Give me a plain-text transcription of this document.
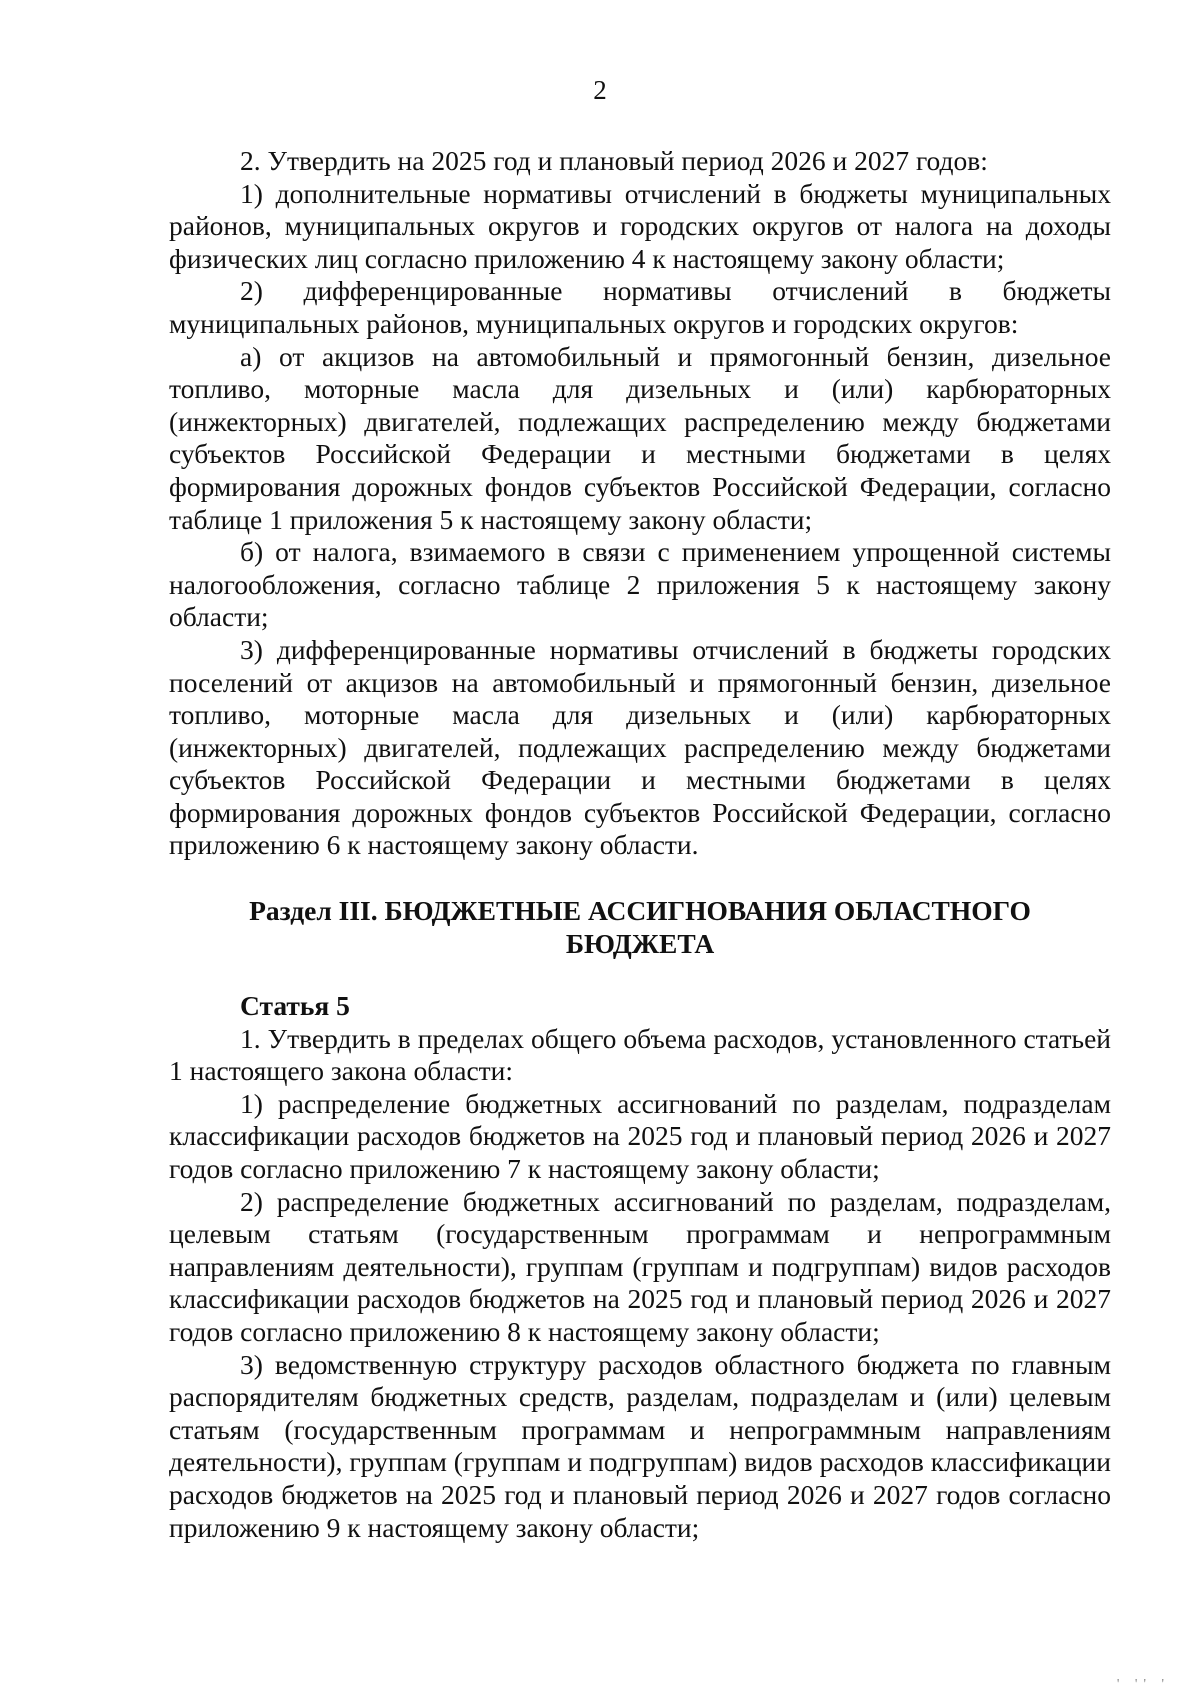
2

2. Утвердить на 2025 год и плановый период 2026 и 2027 годов:

1) дополнительные нормативы отчислений в бюджеты муниципальных районов, муниципальных округов и городских округов от налога на доходы физических лиц согласно приложению 4 к настоящему закону области;

2) дифференцированные нормативы отчислений в бюджеты муниципальных районов, муниципальных округов и городских округов:

а) от акцизов на автомобильный и прямогонный бензин, дизельное топливо, моторные масла для дизельных и (или) карбюраторных (инжекторных) двигателей, подлежащих распределению между бюджетами субъектов Российской Федерации и местными бюджетами в целях формирования дорожных фондов субъектов Российской Федерации, согласно таблице 1 приложения 5 к настоящему закону области;

б) от налога, взимаемого в связи с применением упрощенной системы налогообложения, согласно таблице 2 приложения 5 к настоящему закону области;

3) дифференцированные нормативы отчислений в бюджеты городских поселений от акцизов на автомобильный и прямогонный бензин, дизельное топливо, моторные масла для дизельных и (или) карбюраторных (инжекторных) двигателей, подлежащих распределению между бюджетами субъектов Российской Федерации и местными бюджетами в целях формирования дорожных фондов субъектов Российской Федерации, согласно приложению 6 к настоящему закону области.

Раздел III. БЮДЖЕТНЫЕ АССИГНОВАНИЯ ОБЛАСТНОГО БЮДЖЕТА

Статья 5

1. Утвердить в пределах общего объема расходов, установленного статьей 1 настоящего закона области:

1) распределение бюджетных ассигнований по разделам, подразделам классификации расходов бюджетов на 2025 год и плановый период 2026 и 2027 годов согласно приложению 7 к настоящему закону области;

2) распределение бюджетных ассигнований по разделам, подразделам, целевым статьям (государственным программам и непрограммным направлениям деятельности), группам (группам и подгруппам) видов расходов классификации расходов бюджетов на 2025 год и плановый период 2026 и 2027 годов согласно приложению 8 к настоящему закону области;

3) ведомственную структуру расходов областного бюджета по главным распорядителям бюджетных средств, разделам, подразделам и (или) целевым статьям (государственным программам и непрограммным направлениям деятельности), группам (группам и подгруппам) видов расходов классификации расходов бюджетов на 2025 год и плановый период 2026 и 2027 годов согласно приложению 9 к настоящему закону области;

' '' '
